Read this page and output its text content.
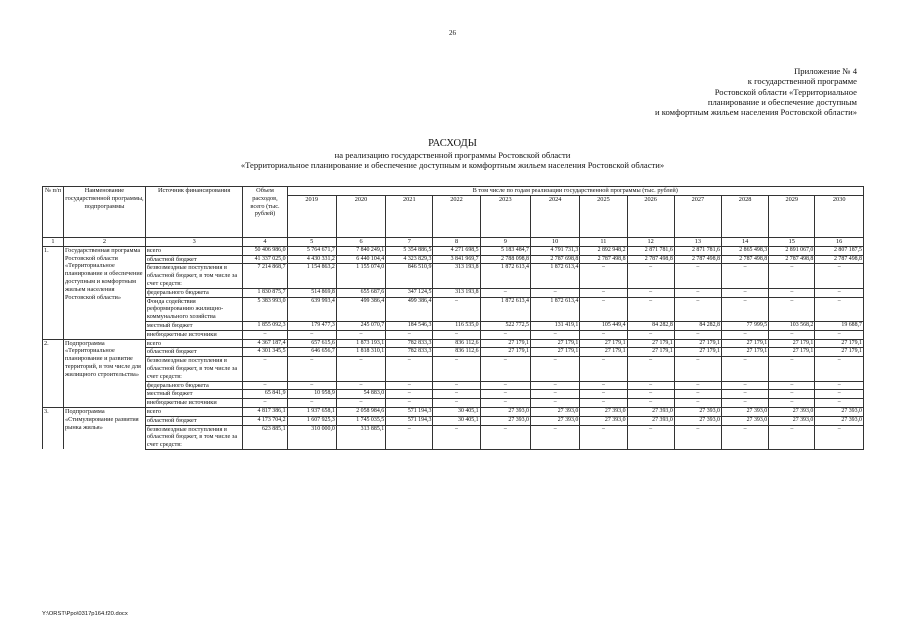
26
Приложение № 4
к государственной программе
Ростовской области «Территориальное
планирование и обеспечение доступным
и комфортным жильем населения Ростовской области»
РАСХОДЫ
на реализацию государственной программы Ростовской области
«Территориальное планирование и обеспечение доступным и комфортным жильем населения Ростовской области»
№ п/п	Наименование государственной программы, подпрограммы	Источник финансирования	Объем расходов, всего (тыс. рублей)	В том числе по годам реализации государственной программы (тыс. рублей)											
				2019	2020	2021	2022	2023	2024	2025	2026	2027	2028	2029	2030
1	2	3	4	5	6	7	8	9	10	11	12	13	14	15	16
1.	Государственная программа Ростовской области «Территориальное планирование и обеспечение доступным и комфортным жильем населения Ростовской области»	всего	50 406 986,0	5 764 671,7	7 840 249,1	5 354 886,5	4 271 698,5	5 183 484,7	4 791 731,3	2 892 948,2	2 871 781,6	2 871 781,6	2 865 498,3	2 891 067,0	2 807 187,5
		областной бюджет	41 337 025,0	4 430 331,2	6 440 104,4	4 323 829,3	3 841 969,7	2 788 098,8	2 787 698,8	2 787 498,8	2 787 498,8	2 787 498,8	2 787 498,8	2 787 498,8	2 787 498,8
		безвозмездные поступления в областной бюджет, в том числе за счет средств:	7 214 868,7	1 154 863,2	1 155 074,0	846 510,9	313 193,8	1 872 613,4	1 872 613,4	–	–	–	–	–	–
		федерального бюджета	1 830 875,7	514 869,8	655 687,6	347 124,5	313 193,8	–	–	–	–	–	–	–	–
		Фонда содействия реформированию жилищно-коммунального хозяйства	5 383 993,0	639 993,4	499 386,4	499 386,4	–	1 872 613,4	1 872 613,4	–	–	–	–	–	–
		местный бюджет	1 855 092,3	179 477,3	245 070,7	184 546,3	116 535,0	522 772,5	131 419,1	105 449,4	84 282,8	84 282,8	77 999,5	103 568,2	19 688,7
		внебюджетные источники	–	–	–	–	–	–	–	–	–	–	–	–	–
2.	Подпрограмма «Территориальное планирование и развитие территорий, в том числе для жилищного строительства»	всего	4 367 187,4	657 615,6	1 873 193,1	782 833,3	836 112,6	27 179,1	27 179,1	27 179,1	27 179,1	27 179,1	27 179,1	27 179,1	27 179,1
		областной бюджет	4 301 345,5	646 656,7	1 818 310,1	782 833,3	836 112,6	27 179,1	27 179,1	27 179,1	27 179,1	27 179,1	27 179,1	27 179,1	27 179,1
		безвозмездные поступления в областной бюджет, в том числе за счет средств:	–	–	–	–	–	–	–	–	–	–	–	–	–
		федерального бюджета	–	–	–	–	–	–	–	–	–	–	–	–	–
		местный бюджет	65 841,9	10 958,9	54 883,0	–	–	–	–	–	–	–	–	–	–
		внебюджетные источники	–	–	–	–	–	–	–	–	–	–	–	–	–
3.	Подпрограмма «Стимулирование развития рынка жилья»	всего	4 817 386,1	1 937 658,1	2 058 984,6	571 194,3	30 405,1	27 393,0	27 393,0	27 393,0	27 393,0	27 393,0	27 393,0	27 393,0	27 393,0
		областной бюджет	4 173 704,2	1 607 925,3	1 745 035,5	571 194,3	30 405,1	27 393,0	27 393,0	27 393,0	27 393,0	27 393,0	27 393,0	27 393,0	27 393,0
		безвозмездные поступления в областной бюджет, в том числе за счет средств:	623 885,1	310 000,0	313 885,1	–	–	–	–	–	–	–	–	–	–
Y:\ORST\Ppo\0317p164.f20.docx
